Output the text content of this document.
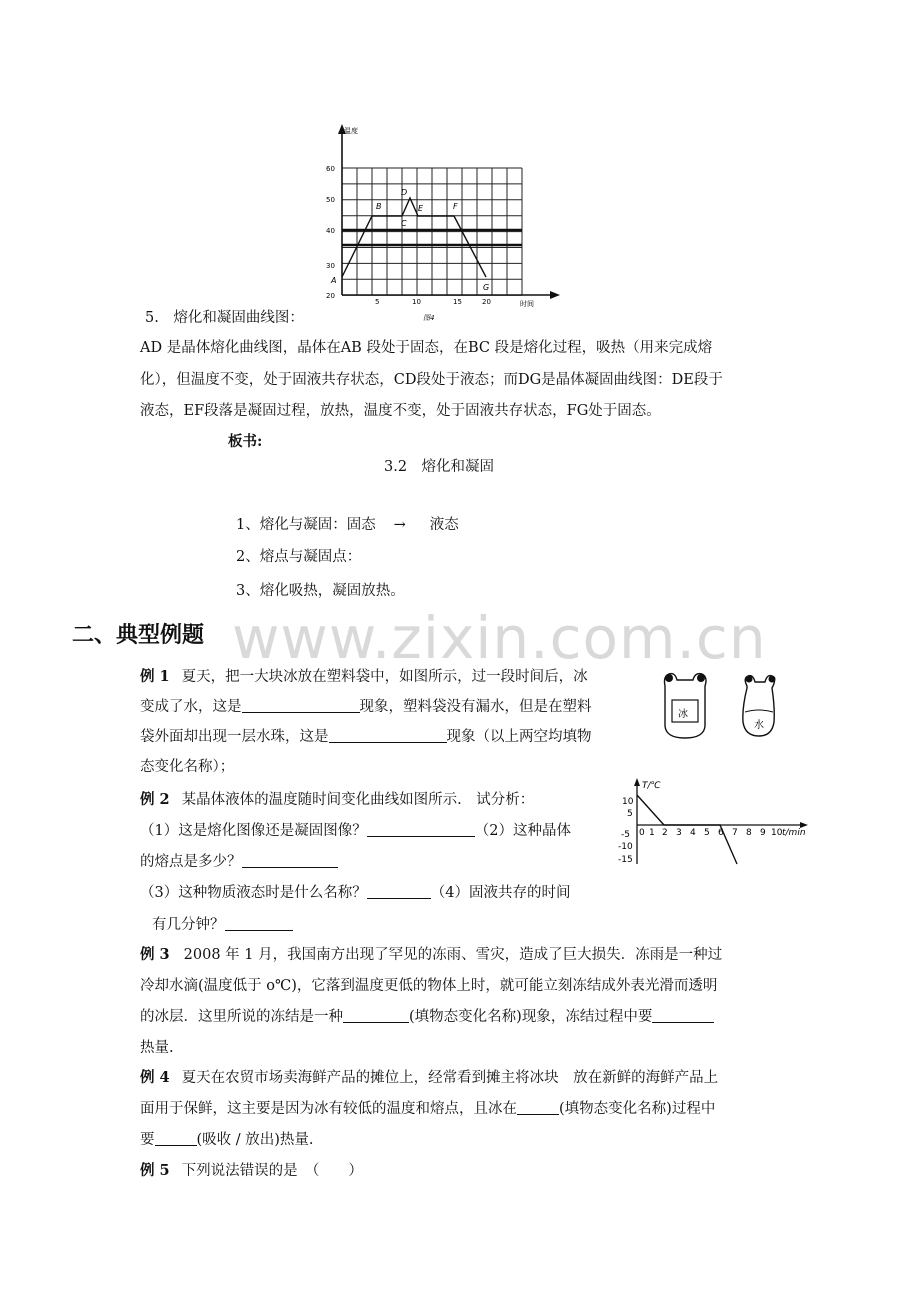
温度
时间
图4
20
30
40
50
60
5	10	15	20
A
B
C
D
E	F
G
5.　熔化和凝固曲线图：
AD 是晶体熔化曲线图，晶体在AB 段处于固态，在BC 段是熔化过程，吸热（用来完成熔
化），但温度不变，处于固液共存状态，CD段处于液态；而DG是晶体凝固曲线图：DE段于
液态，EF段落是凝固过程，放热，温度不变，处于固液共存状态，FG处于固态。
板书:
3.2　熔化和凝固
1、熔化与凝固：固态 → 液态
2、熔点与凝固点：
3、熔化吸热，凝固放热。
www.zixin.com.cn
二、典型例题
例 1 夏天，把一大块冰放在塑料袋中，如图所示，过一段时间后，冰
变成了水，这是	现象，塑料袋没有漏水，但是在塑料
袋外面却出现一层水珠，这是	现象（以上两空均填物
态变化名称）；
冰
水
例 2 某晶体液体的温度随时间变化曲线如图所示.　试分析：
（1）这是熔化图像还是凝固图像？	（2）这种晶体
的熔点是多少？
（3）这种物质液态时是什么名称？	（4）固液共存的时间
有几分钟？
T/℃
t/min
10
5
-5
-10
-15
0 1 2 3 4 5 6 7 8 9 10
例 3 2008 年 1 月，我国南方出现了罕见的冻雨、雪灾，造成了巨大损失．冻雨是一种过
冷却水滴(温度低于 o℃)，它落到温度更低的物体上时，就可能立刻冻结成外表光滑而透明
的冰层．这里所说的冻结是一种	(填物态变化名称)现象，冻结过程中要
热量.
例 4 夏天在农贸市场卖海鲜产品的摊位上，经常看到摊主将冰块　放在新鲜的海鲜产品上
面用于保鲜，这主要是因为冰有较低的温度和熔点，且冰在	(填物态变化名称)过程中
要	(吸收 / 放出)热量.
例 5 下列说法错误的是　（　　）
